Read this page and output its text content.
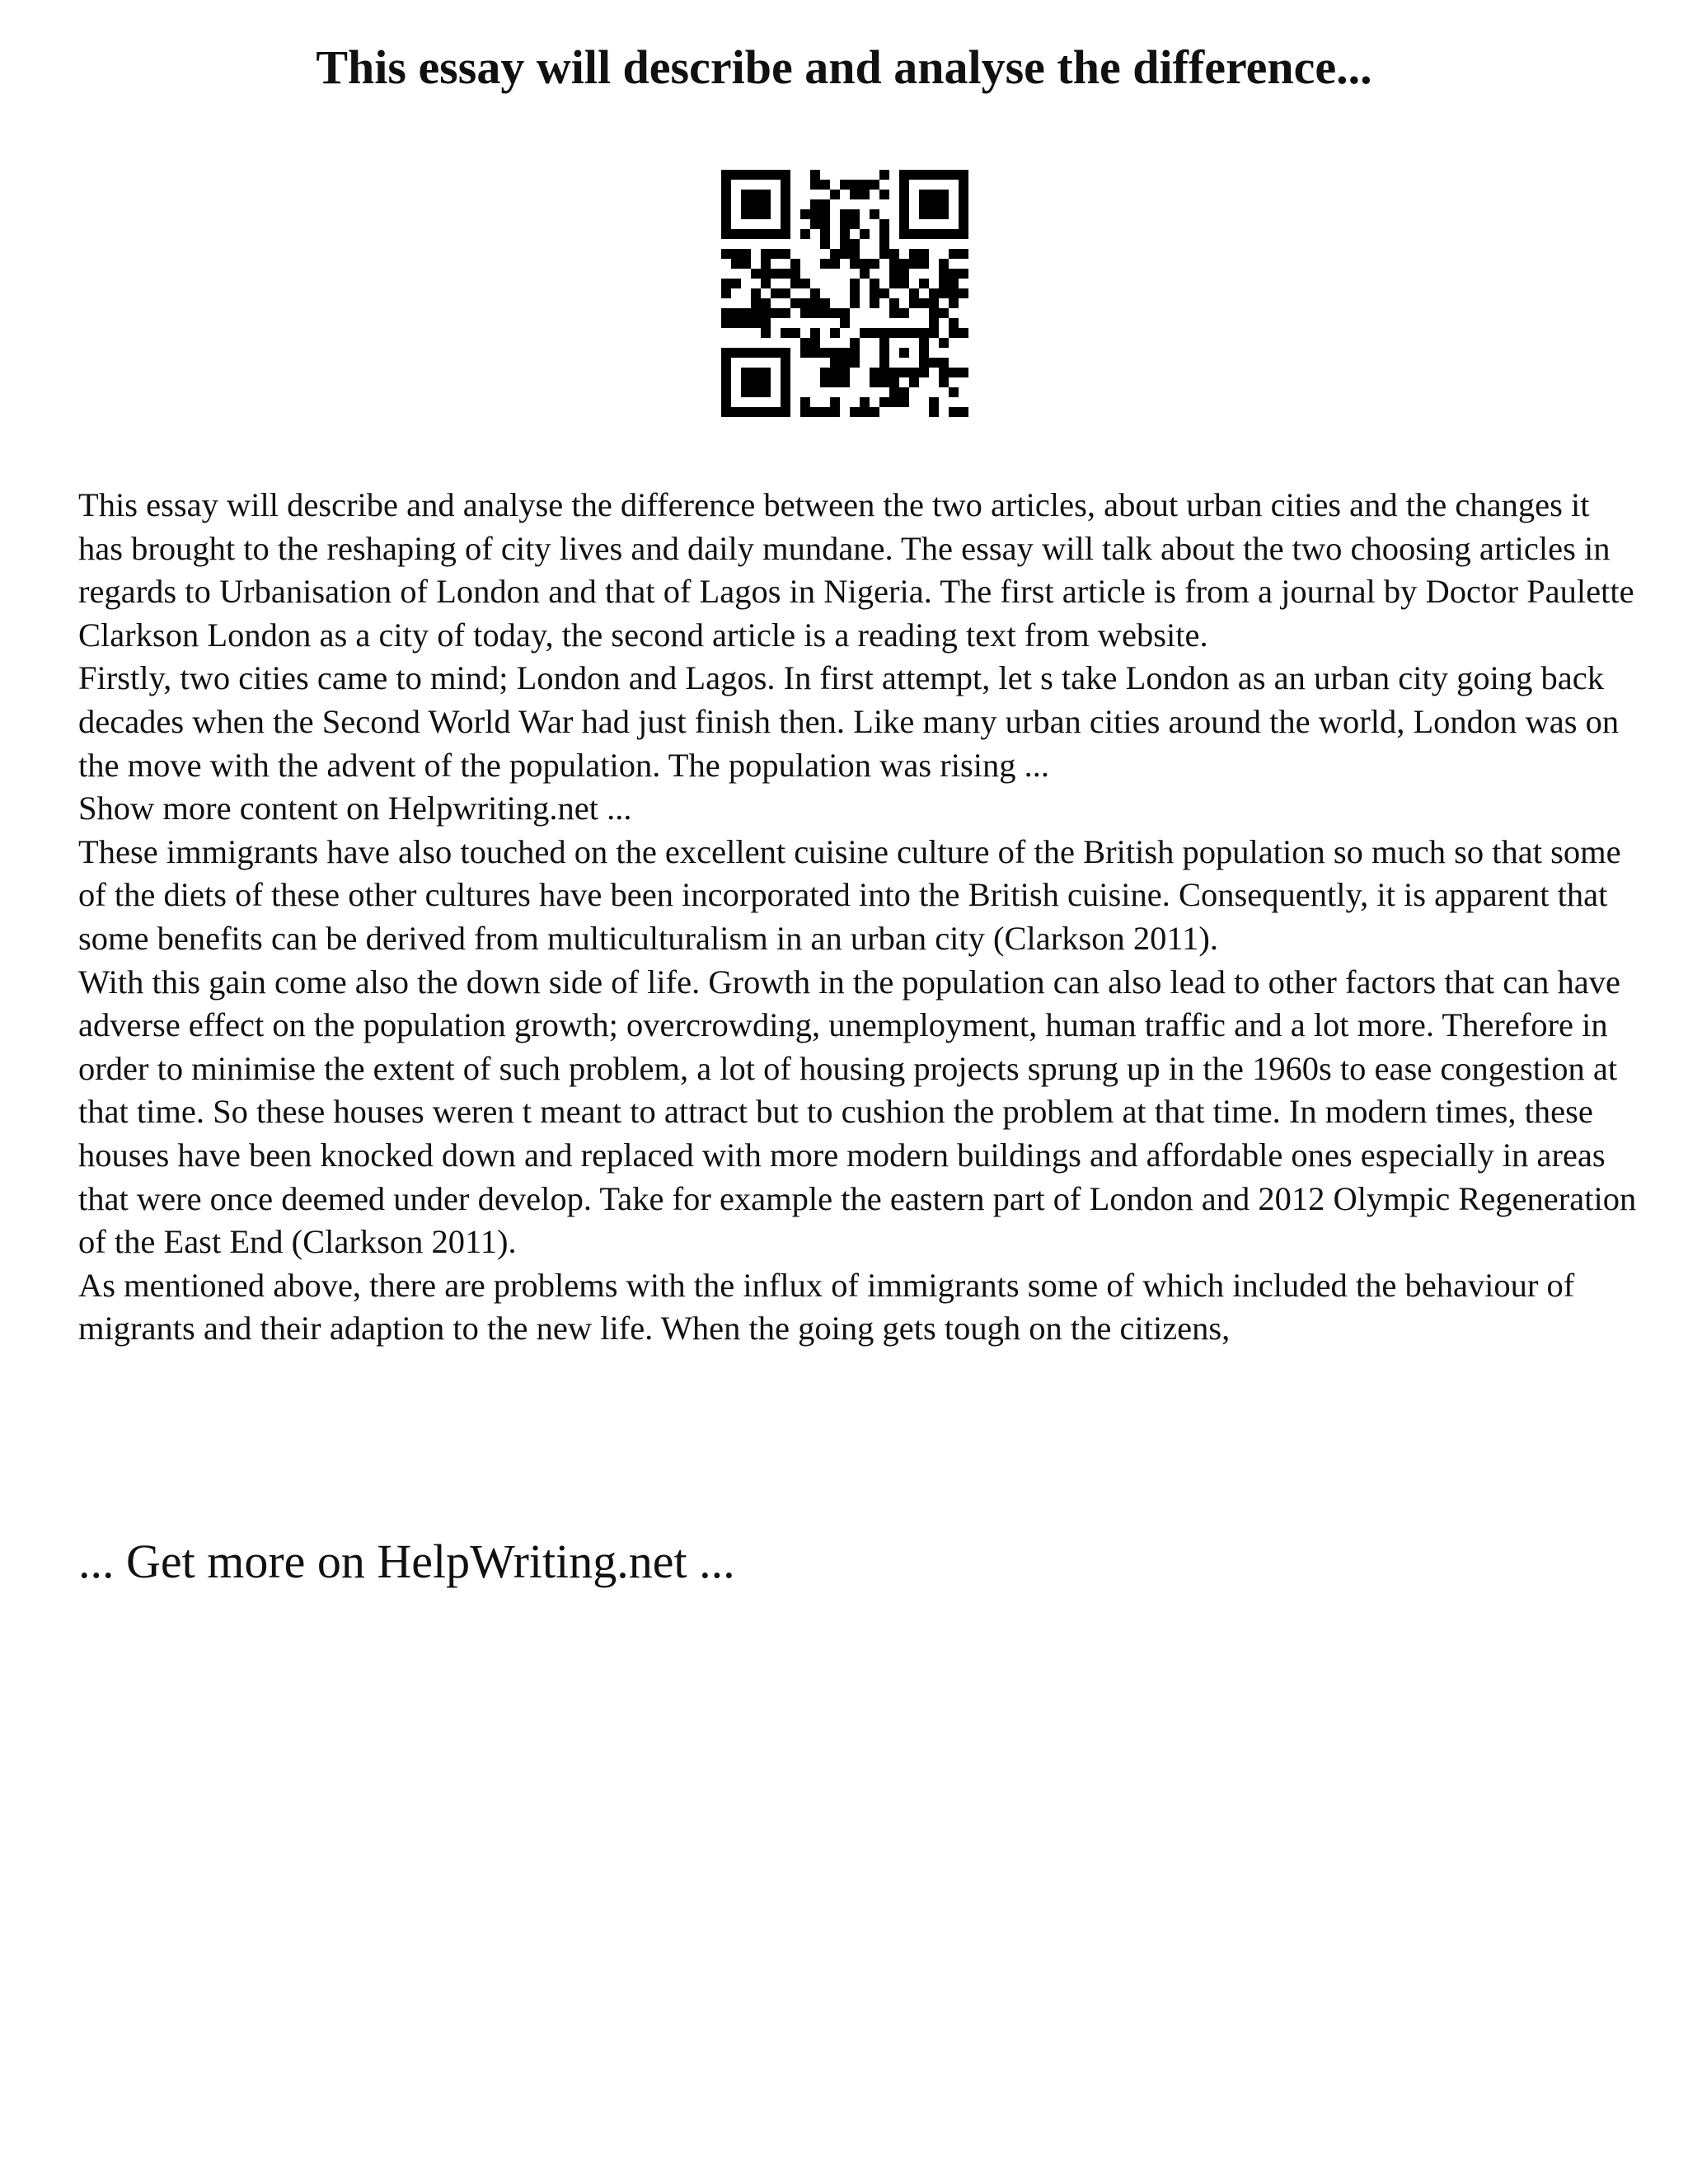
This essay will describe and analyse the difference...

This essay will describe and analyse the difference between the two articles, about urban cities and the changes it has brought to the reshaping of city lives and daily mundane. The essay will talk about the two choosing articles in regards to Urbanisation of London and that of Lagos in Nigeria. The first article is from a journal by Doctor Paulette Clarkson London as a city of today, the second article is a reading text from website.

Firstly, two cities came to mind; London and Lagos. In first attempt, let s take London as an urban city going back decades when the Second World War had just finish then. Like many urban cities around the world, London was on the move with the advent of the population. The population was rising ...

Show more content on Helpwriting.net ...

These immigrants have also touched on the excellent cuisine culture of the British population so much so that some of the diets of these other cultures have been incorporated into the British cuisine. Consequently, it is apparent that some benefits can be derived from multiculturalism in an urban city (Clarkson 2011).

With this gain come also the down side of life. Growth in the population can also lead to other factors that can have adverse effect on the population growth; overcrowding, unemployment, human traffic and a lot more. Therefore in order to minimise the extent of such problem, a lot of housing projects sprung up in the 1960s to ease congestion at that time. So these houses weren t meant to attract but to cushion the problem at that time. In modern times, these houses have been knocked down and replaced with more modern buildings and affordable ones especially in areas that were once deemed under develop. Take for example the eastern part of London and 2012 Olympic Regeneration of the East End (Clarkson 2011).

As mentioned above, there are problems with the influx of immigrants some of which included the behaviour of migrants and their adaption to the new life. When the going gets tough on the citizens,

... Get more on HelpWriting.net ...
